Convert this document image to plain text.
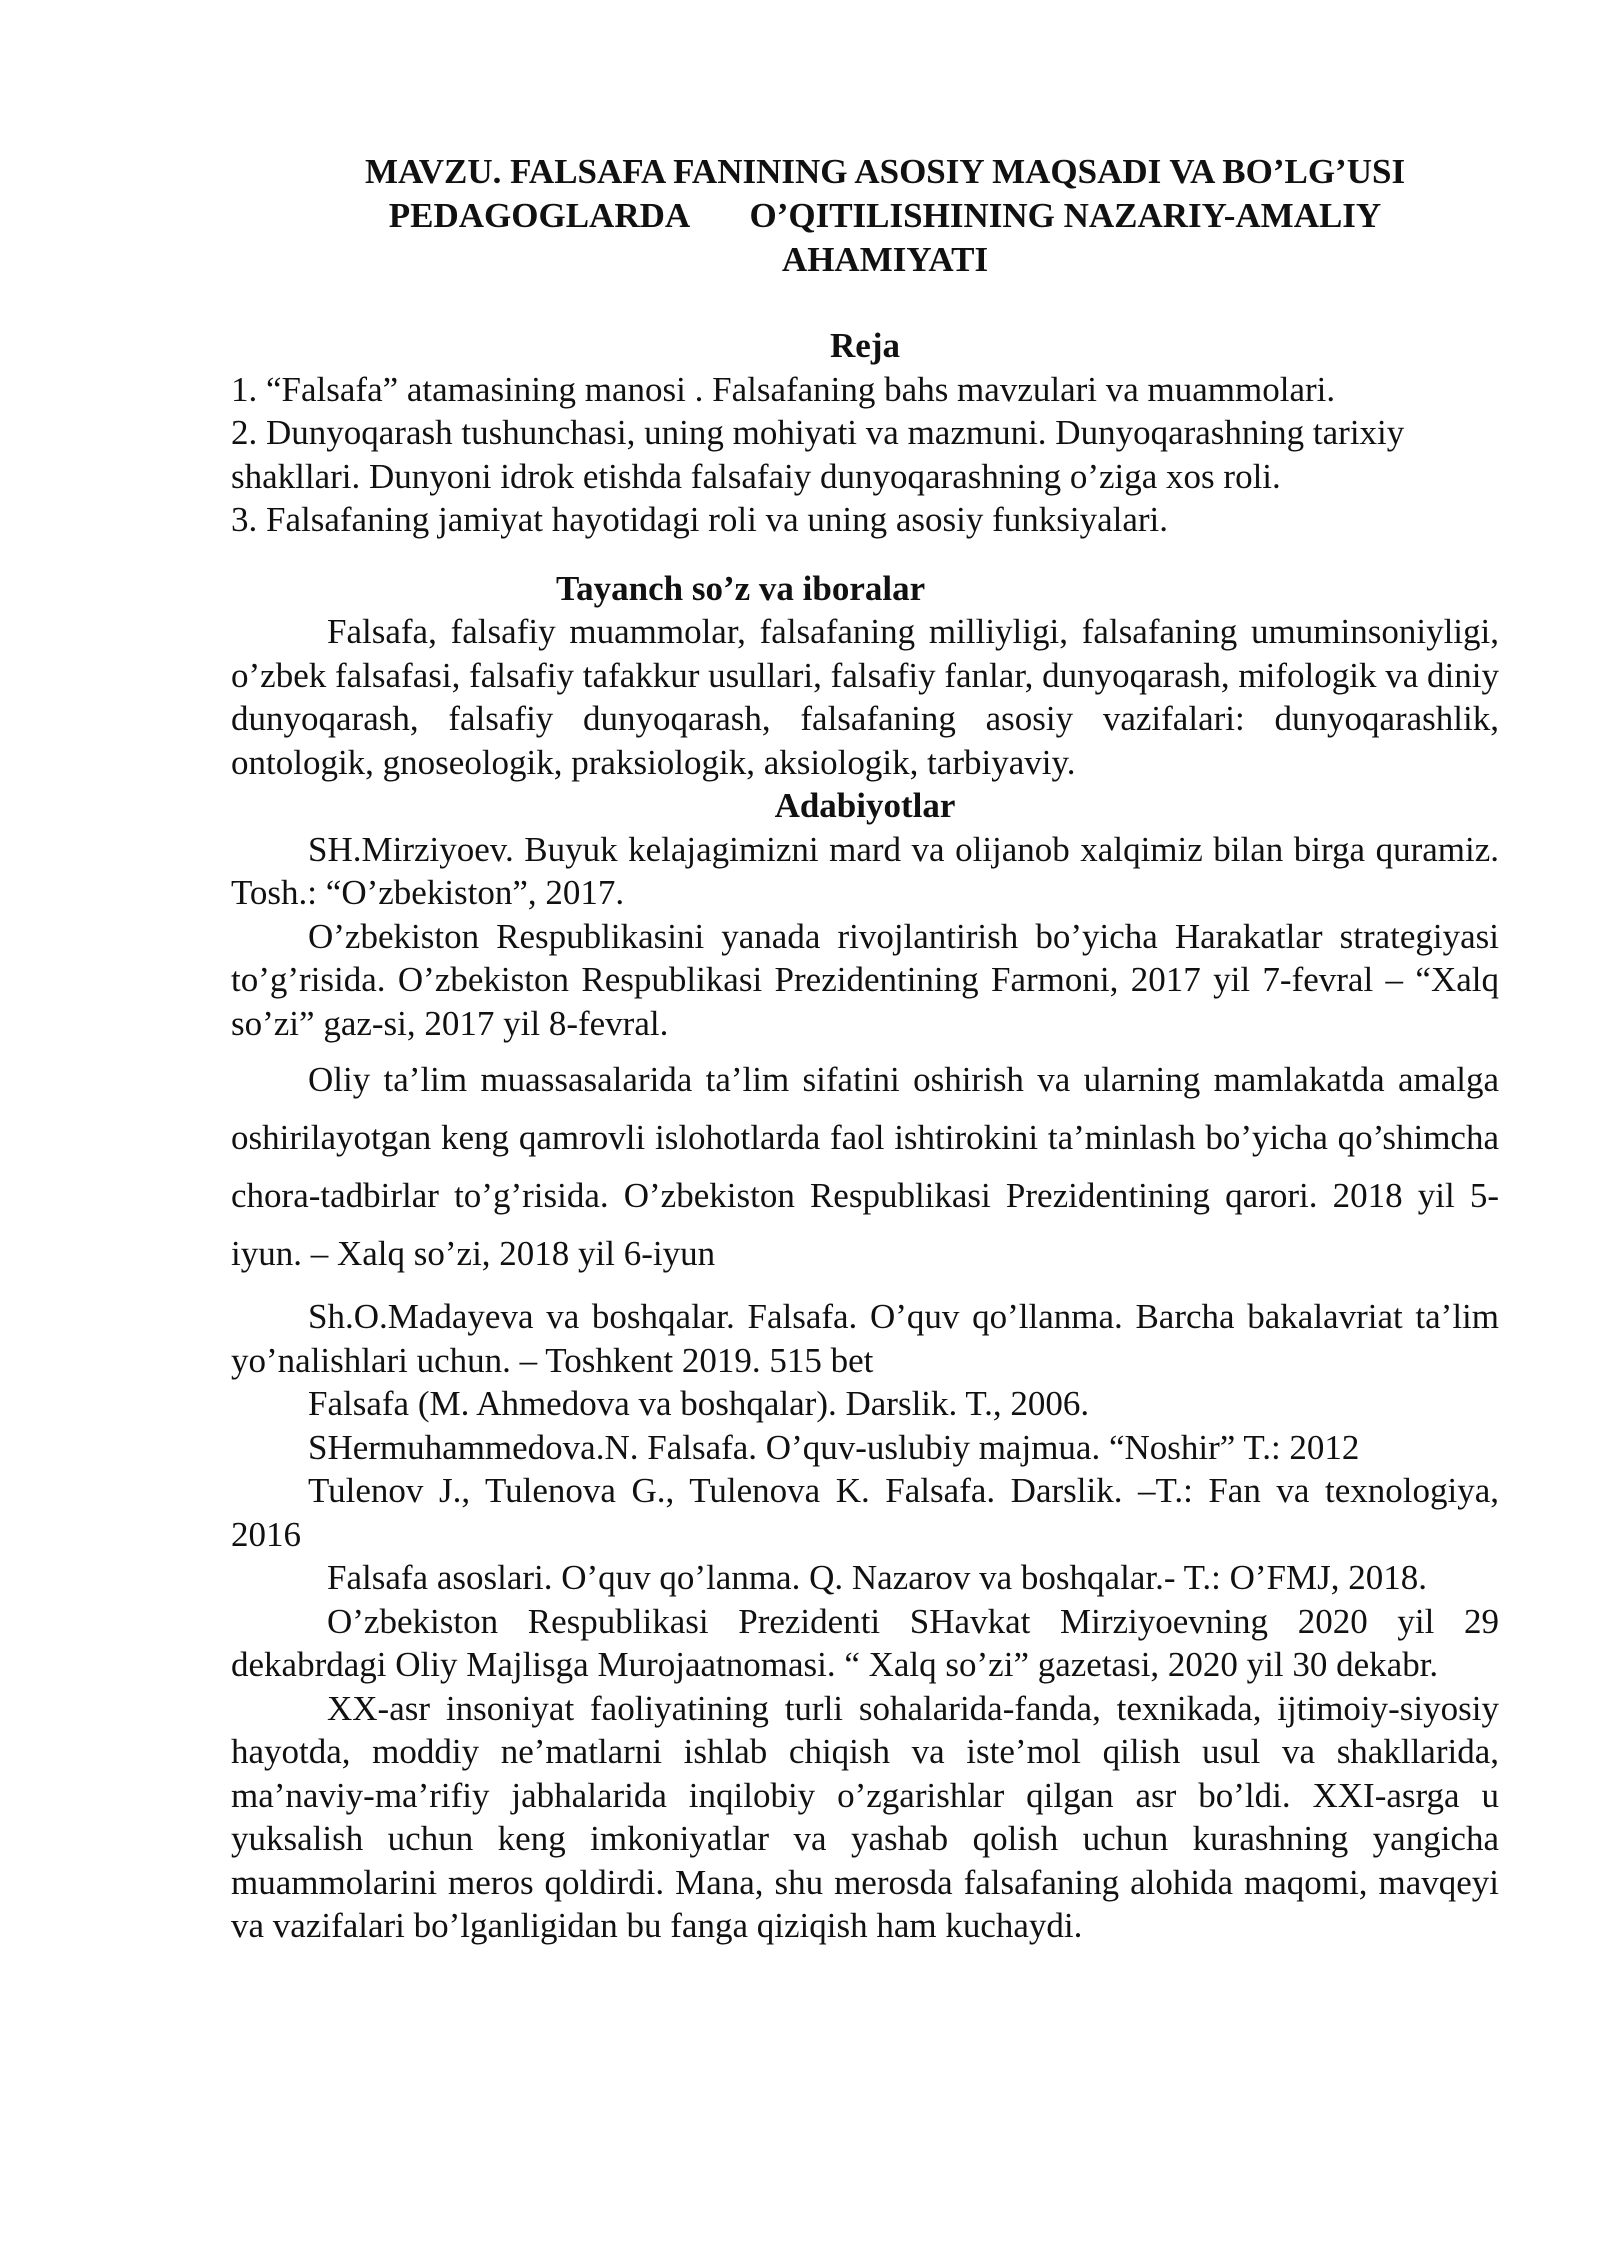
MAVZU. FALSAFA FANINING ASOSIY MAQSADI VA BO’LG’USI
PEDAGOGLARDA       O’QITILISHINING NAZARIY-AMALIY
AHAMIYATI

Reja

1. “Falsafa” atamasining manosi . Falsafaning bahs mavzulari va muammolari.

2. Dunyoqarash tushunchasi, uning mohiyati va mazmuni. Dunyoqarashning tarixiy shakllari. Dunyoni idrok etishda falsafaiy dunyoqarashning o’ziga xos roli.

3. Falsafaning jamiyat hayotidagi roli va uning asosiy funksiyalari.

Tayanch so’z va iboralar

Falsafa, falsafiy muammolar, falsafaning milliyligi, falsafaning umuminsoniyligi, o’zbek falsafasi, falsafiy tafakkur usullari, falsafiy fanlar, dunyoqarash, mifologik va diniy dunyoqarash, falsafiy dunyoqarash, falsafaning asosiy vazifalari: dunyoqarashlik, ontologik, gnoseologik, praksiologik, aksiologik, tarbiyaviy.

Adabiyotlar

SH.Mirziyoev. Buyuk kelajagimizni mard va olijanob xalqimiz bilan birga quramiz. Tosh.: “O’zbekiston”, 2017.

O’zbekiston Respublikasini yanada rivojlantirish bo’yicha Harakatlar strategiyasi to’g’risida. O’zbekiston Respublikasi Prezidentining Farmoni, 2017 yil 7-fevral – “Xalq so’zi” gaz-si, 2017 yil 8-fevral.

Oliy ta’lim muassasalarida ta’lim sifatini oshirish va ularning mamlakatda amalga oshirilayotgan keng qamrovli islohotlarda faol ishtirokini ta’minlash bo’yicha qo’shimcha chora-tadbirlar to’g’risida. O’zbekiston Respublikasi Prezidentining qarori. 2018 yil 5-iyun. – Xalq so’zi, 2018 yil 6-iyun

Sh.O.Madayeva va boshqalar. Falsafa. O’quv qo’llanma. Barcha bakalavriat ta’lim yo’nalishlari uchun. – Toshkent 2019. 515 bet

Falsafa (M. Ahmedova va boshqalar). Darslik. T., 2006.

SHermuhammedova.N. Falsafa. O’quv-uslubiy majmua. “Noshir” T.: 2012

Tulenov J., Tulenova G., Tulenova K. Falsafa. Darslik. –T.: Fan va texnologiya, 2016

Falsafa asoslari. O’quv qo’lanma. Q. Nazarov va boshqalar.- T.: O’FMJ, 2018.

O’zbekiston Respublikasi Prezidenti SHavkat Mirziyoevning 2020 yil 29 dekabrdagi Oliy Majlisga Murojaatnomasi. “ Xalq so’zi” gazetasi, 2020 yil 30 dekabr.

XX-asr insoniyat faoliyatining turli sohalarida-fanda, texnikada, ijtimoiy-siyosiy hayotda, moddiy ne’matlarni ishlab chiqish va iste’mol qilish usul va shakllarida, ma’naviy-ma’rifiy jabhalarida inqilobiy o’zgarishlar qilgan asr bo’ldi. XXI-asrga u yuksalish uchun keng imkoniyatlar va yashab qolish uchun kurashning yangicha muammolarini meros qoldirdi. Mana, shu merosda falsafaning alohida maqomi, mavqeyi va vazifalari bo’lganligidan bu fanga qiziqish ham kuchaydi.
